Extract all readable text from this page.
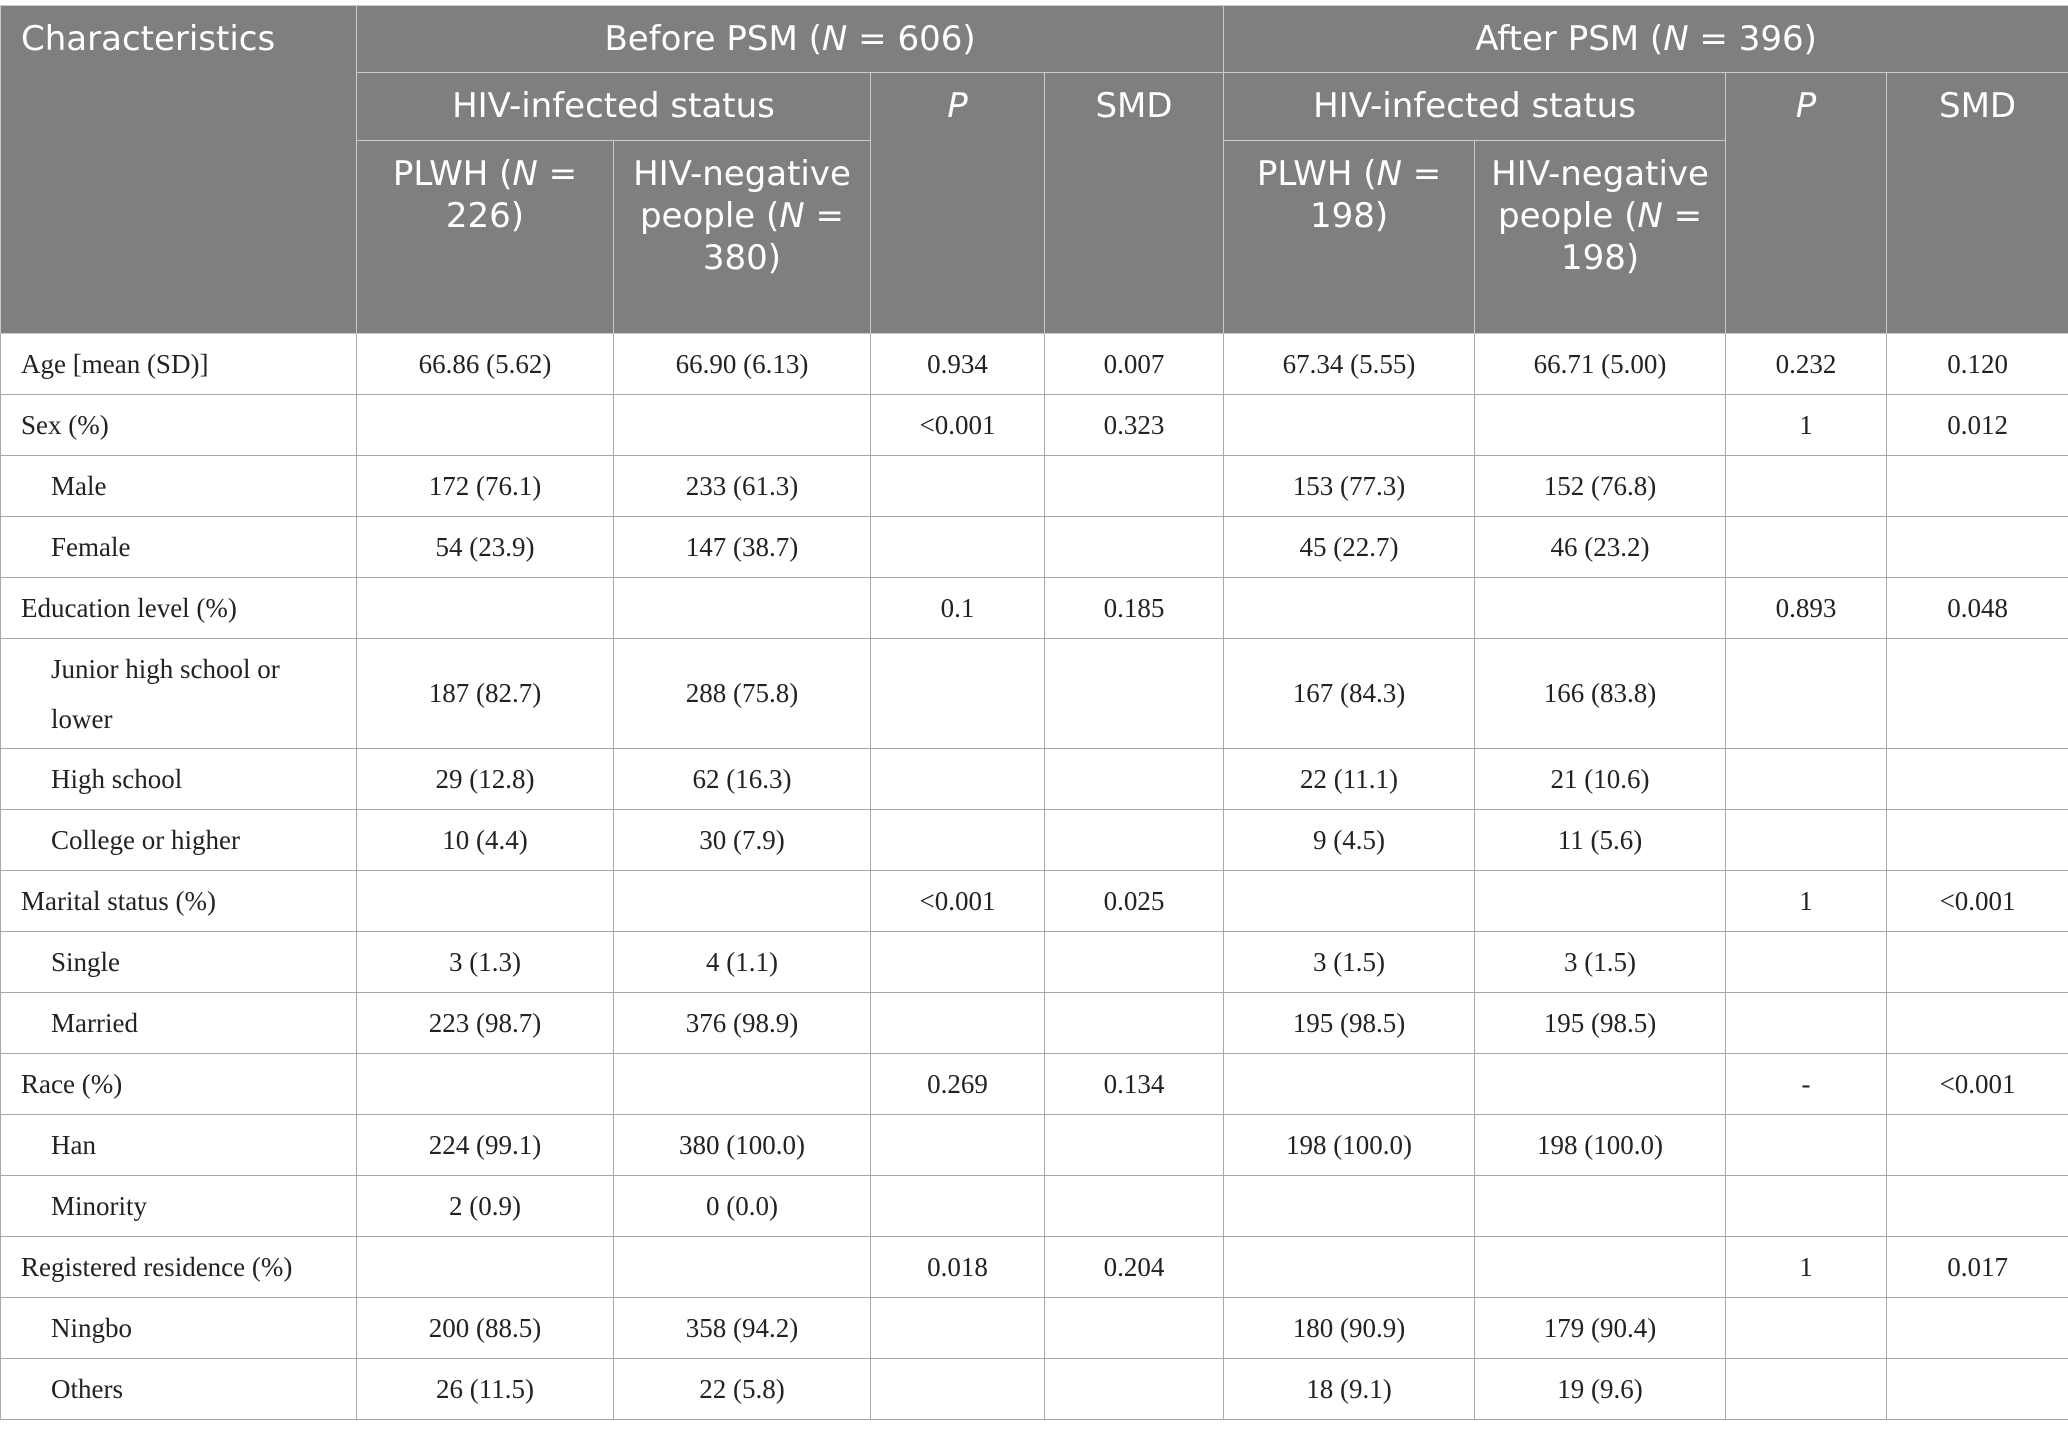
Characteristics	Before PSM (N = 606)				After PSM (N = 396)			
	HIV-infected status		P	SMD	HIV-infected status		P	SMD
	PLWH (N = 226)	HIV-negative people (N = 380)			PLWH (N = 198)	HIV-negative people (N = 198)		
Age [mean (SD)]	66.86 (5.62)	66.90 (6.13)	0.934	0.007	67.34 (5.55)	66.71 (5.00)	0.232	0.120
Sex (%)			<0.001	0.323			1	0.012
Male	172 (76.1)	233 (61.3)			153 (77.3)	152 (76.8)		
Female	54 (23.9)	147 (38.7)			45 (22.7)	46 (23.2)		
Education level (%)			0.1	0.185			0.893	0.048
Junior high school or lower	187 (82.7)	288 (75.8)			167 (84.3)	166 (83.8)		
High school	29 (12.8)	62 (16.3)			22 (11.1)	21 (10.6)		
College or higher	10 (4.4)	30 (7.9)			9 (4.5)	11 (5.6)		
Marital status (%)			<0.001	0.025			1	<0.001
Single	3 (1.3)	4 (1.1)			3 (1.5)	3 (1.5)		
Married	223 (98.7)	376 (98.9)			195 (98.5)	195 (98.5)		
Race (%)			0.269	0.134			-	<0.001
Han	224 (99.1)	380 (100.0)			198 (100.0)	198 (100.0)		
Minority	2 (0.9)	0 (0.0)						
Registered residence (%)			0.018	0.204			1	0.017
Ningbo	200 (88.5)	358 (94.2)			180 (90.9)	179 (90.4)		
Others	26 (11.5)	22 (5.8)			18 (9.1)	19 (9.6)		
